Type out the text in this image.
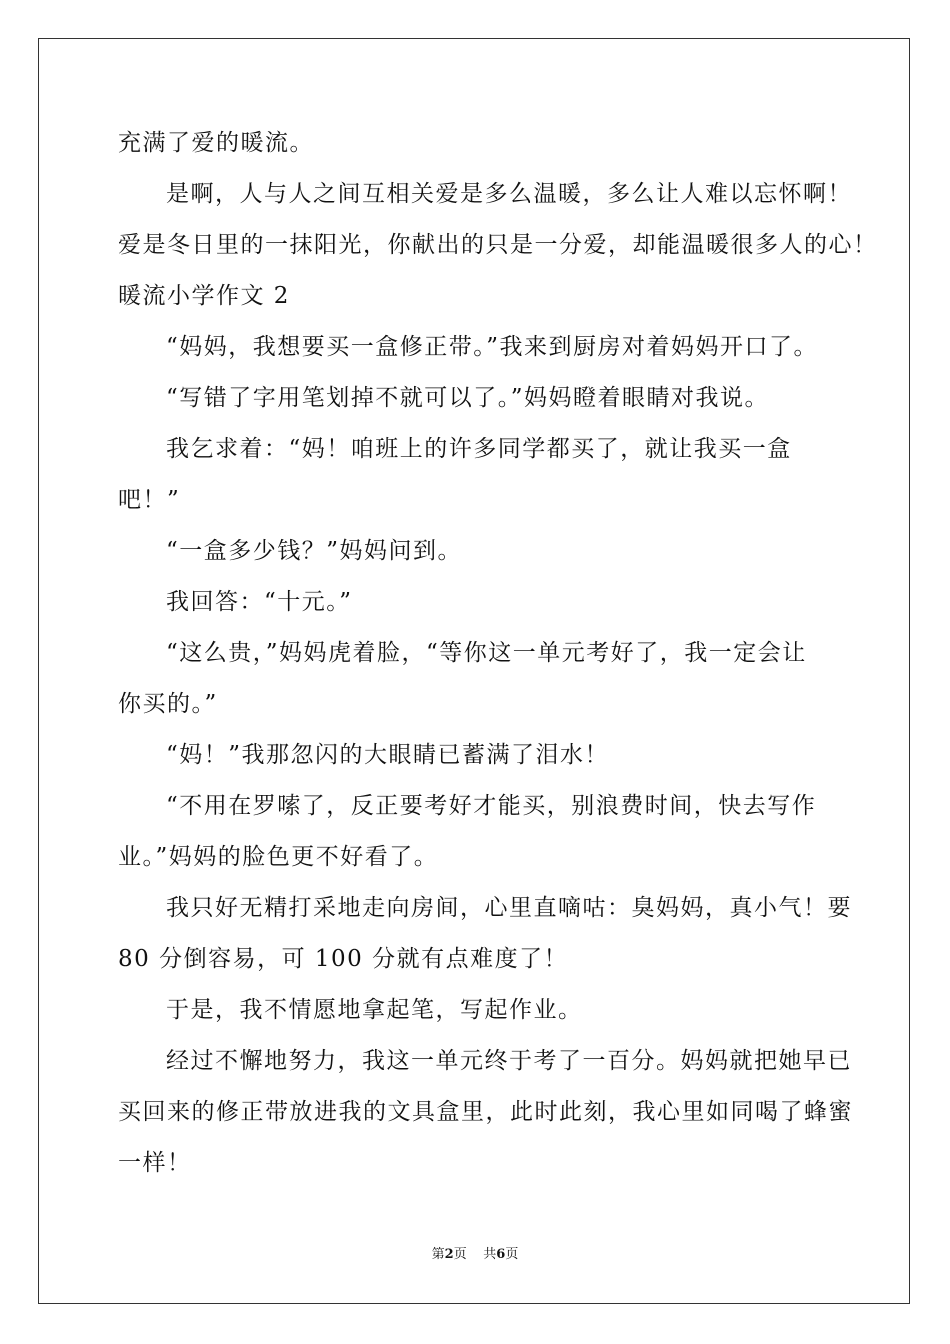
充满了爱的暖流。
是啊，人与人之间互相关爱是多么温暖，多么让人难以忘怀啊！
爱是冬日里的一抹阳光，你献出的只是一分爱，却能温暖很多人的心！
暖流小学作文 2
“妈妈，我想要买一盒修正带。”我来到厨房对着妈妈开口了。
“写错了字用笔划掉不就可以了。”妈妈瞪着眼睛对我说。
我乞求着：“妈！咱班上的许多同学都买了，就让我买一盒
吧！”
“一盒多少钱？”妈妈问到。
我回答：“十元。”
“这么贵，”妈妈虎着脸，“等你这一单元考好了，我一定会让
你买的。”
“妈！”我那忽闪的大眼睛已蓄满了泪水！
“不用在罗嗦了，反正要考好才能买，别浪费时间，快去写作
业。”妈妈的脸色更不好看了。
我只好无精打采地走向房间，心里直嘀咕：臭妈妈，真小气！要
80 分倒容易，可 100 分就有点难度了！
于是，我不情愿地拿起笔，写起作业。
经过不懈地努力，我这一单元终于考了一百分。妈妈就把她早已
买回来的修正带放进我的文具盒里，此时此刻，我心里如同喝了蜂蜜
一样！
第2页 共6页
